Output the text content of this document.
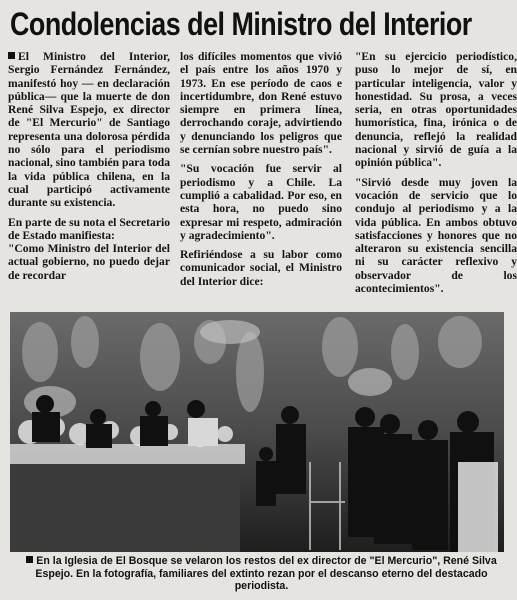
Condolencias del Ministro del Interior

El Ministro del Interior, Sergio Fernández Fernández, manifestó hoy — en declaración pública— que la muerte de don René Silva Espejo, ex director de "El Mercurio" de Santiago representa una dolorosa pérdida no sólo para el periodismo nacional, sino también para toda la vida pública chilena, en la cual participó activamente durante su existencia.

En parte de su nota el Secretario de Estado manifiesta:

"Como Ministro del Interior del actual gobierno, no puedo dejar de recordar

los difíciles momentos que vivió el país entre los años 1970 y 1973. En ese período de caos e incertidumbre, don René estuvo siempre en primera línea, derrochando coraje, advirtiendo y denunciando los peligros que se cernían sobre nuestro país".

"Su vocación fue servir al periodismo y a Chile. La cumplió a cabalidad. Por eso, en esta hora, no puedo sino expresar mi respeto, admiración y agradecimiento".

Refiriéndose a su labor como comunicador social, el Ministro del Interior dice:

"En su ejercicio periodístico, puso lo mejor de sí, en particular inteligencia, valor y honestidad. Su prosa, a veces seria, en otras oportunidades humorística, fina, irónica o de denuncia, reflejó la realidad nacional y sirvió de guía a la opinión pública".

"Sirvió desde muy joven la vocación de servicio que lo condujo al periodismo y a la vida pública. En ambos obtuvo satisfacciones y honores que no alteraron su existencia sencilla ni su carácter reflexivo y observador de los acontecimientos".

En la Iglesia de El Bosque se velaron los restos del ex director de "El Mercurio", René Silva Espejo. En la fotografía, familiares del extinto rezan por el descanso eterno del destacado periodista.
